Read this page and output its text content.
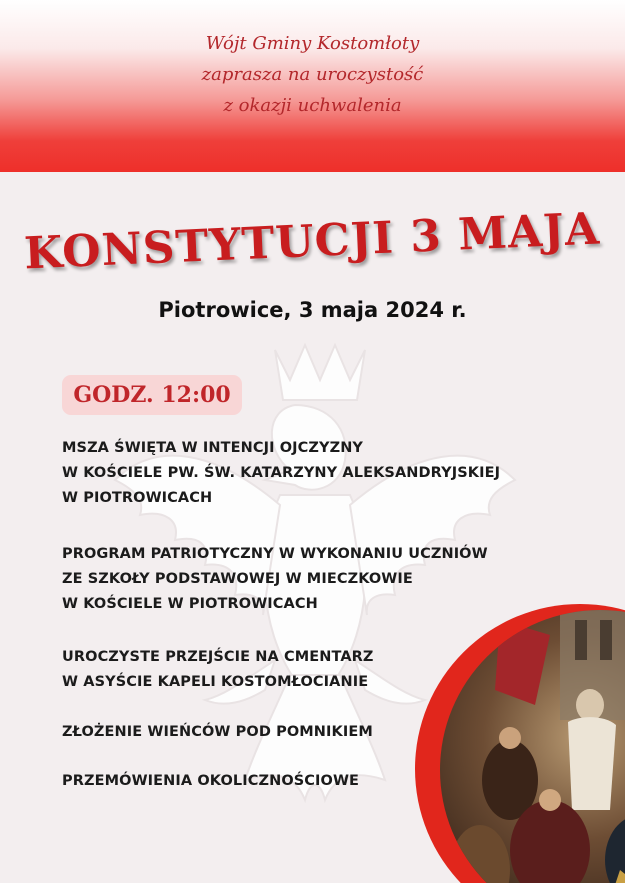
Wójt Gminy Kostomłoty
zaprasza na uroczystość
z okazji uchwalenia
KONSTYTUCJI 3 MAJA
Piotrowice, 3 maja 2024 r.
GODZ. 12:00
MSZA ŚWIĘTA W INTENCJI OJCZYZNY
W KOŚCIELE PW. ŚW. KATARZYNY ALEKSANDRYJSKIEJ
W PIOTROWICACH
PROGRAM PATRIOTYCZNY W WYKONANIU UCZNIÓW
ZE SZKOŁY PODSTAWOWEJ W MIECZKOWIE
W KOŚCIELE W PIOTROWICACH
UROCZYSTE PRZEJŚCIE NA CMENTARZ
W ASYŚCIE KAPELI KOSTOMŁOCIANIE
ZŁOŻENIE WIEŃCÓW POD POMNIKIEM
PRZEMÓWIENIA OKOLICZNOŚCIOWE
